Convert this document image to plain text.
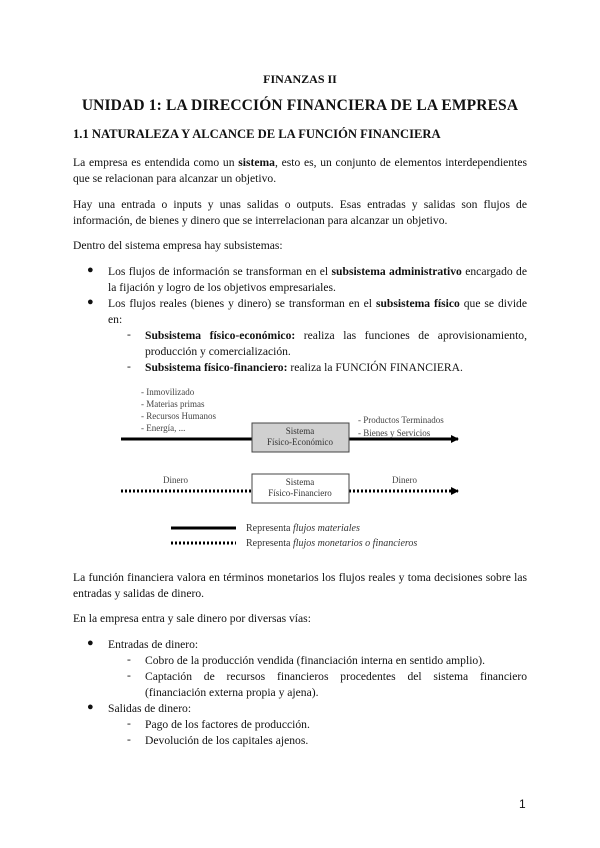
FINANZAS II
UNIDAD 1: LA DIRECCIÓN FINANCIERA DE LA EMPRESA
1.1 NATURALEZA Y ALCANCE DE LA FUNCIÓN FINANCIERA
La empresa es entendida como un sistema, esto es, un conjunto de elementos interdependientes que se relacionan para alcanzar un objetivo.
Hay una entrada o inputs y unas salidas o outputs. Esas entradas y salidas son flujos de información, de bienes y dinero que se interrelacionan para alcanzar un objetivo.
Dentro del sistema empresa hay subsistemas:
● Los flujos de información se transforman en el subsistema administrativo encargado de la fijación y logro de los objetivos empresariales.
● Los flujos reales (bienes y dinero) se transforman en el subsistema físico que se divide en:
- Subsistema físico-económico: realiza las funciones de aprovisionamiento, producción y comercialización.
- Subsistema físico-financiero: realiza la FUNCIÓN FINANCIERA.
- Inmovilizado
- Materias primas
- Recursos Humanos
- Energía, ...
- Productos Terminados
- Bienes y Servicios
Sistema
Físico-Económico
Dinero	Dinero
Sistema
Físico-Financiero
Representa flujos materiales
Representa flujos monetarios o financieros
La función financiera valora en términos monetarios los flujos reales y toma decisiones sobre las entradas y salidas de dinero.
En la empresa entra y sale dinero por diversas vías:
● Entradas de dinero:
- Cobro de la producción vendida (financiación interna en sentido amplio).
- Captación de recursos financieros procedentes del sistema financiero (financiación externa propia y ajena).
● Salidas de dinero:
- Pago de los factores de producción.
- Devolución de los capitales ajenos.
1
